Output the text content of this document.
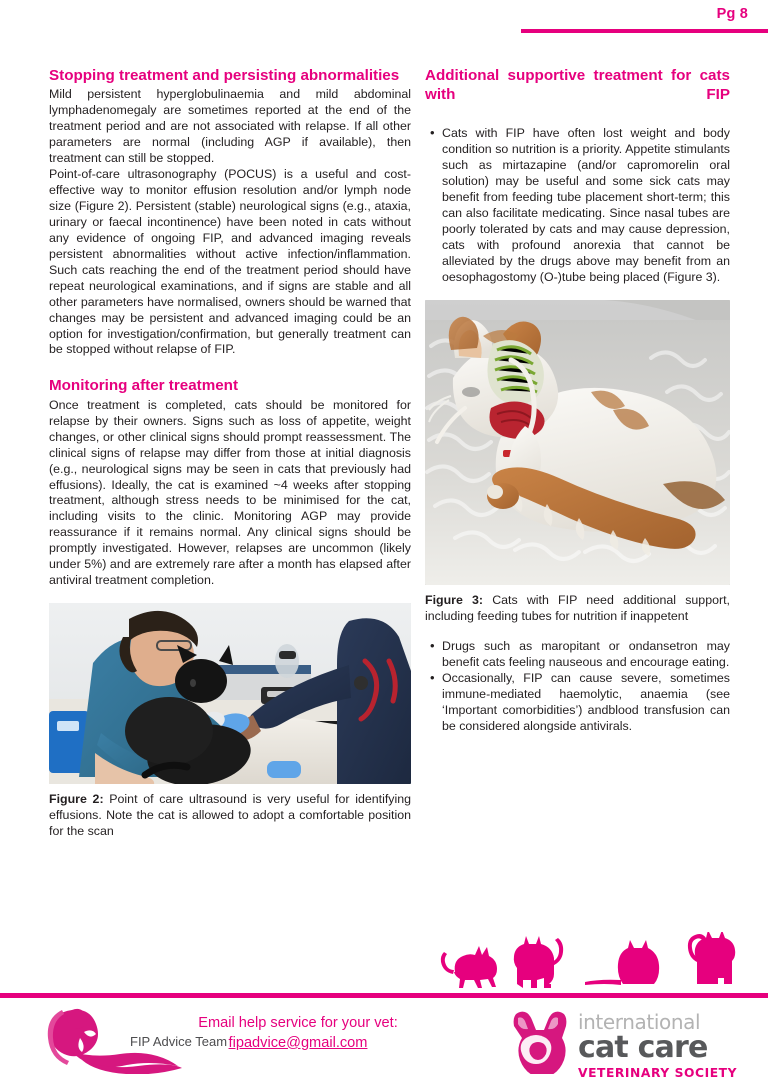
Pg 8
Stopping treatment and persisting abnormalities

Mild persistent hyperglobulinaemia and mild abdominal lymphadenomegaly are sometimes reported at the end of the treatment period and are not associated with relapse. If all other parameters are normal (including AGP if available), then treatment can still be stopped.

Point-of-care ultrasonography (POCUS) is a useful and cost-effective way to monitor effusion resolution and/or lymph node size (Figure 2). Persistent (stable) neurological signs (e.g., ataxia, urinary or faecal incontinence) have been noted in cats without any evidence of ongoing FIP, and advanced imaging reveals persistent abnormalities without active infection/inflammation. Such cats reaching the end of the treatment period should have repeat neurological examinations, and if signs are stable and all other parameters have normalised, owners should be warned that changes may be persistent and advanced imaging could be an option for investigation/confirmation, but generally treatment can be stopped without relapse of FIP.

Monitoring after treatment

Once treatment is completed, cats should be monitored for relapse by their owners. Signs such as loss of appetite, weight changes, or other clinical signs should prompt reassessment. The clinical signs of relapse may differ from those at initial diagnosis (e.g., neurological signs may be seen in cats that previously had effusions). Ideally, the cat is examined ~4 weeks after stopping treatment, although stress needs to be minimised for the cat, including visits to the clinic. Monitoring AGP may provide reassurance if it remains normal. Any clinical signs should be promptly investigated. However, relapses are uncommon (likely under 5%) and are extremely rare after a month has elapsed after antiviral treatment completion.

Figure 2: Point of care ultrasound is very useful for identifying effusions. Note the cat is allowed to adopt a comfortable position for the scan
Additional supportive treatment for cats with FIP
• Cats with FIP have often lost weight and body condition so nutrition is a priority. Appetite stimulants such as mirtazapine (and/or capromorelin oral solution) may be useful and some sick cats may benefit from feeding tube placement short-term; this can also facilitate medicating. Since nasal tubes are poorly tolerated by cats and may cause depression, cats with profound anorexia that cannot be alleviated by the drugs above may benefit from an oesophagostomy (O-)tube being placed (Figure 3).
Figure 3: Cats with FIP need additional support, including feeding tubes for nutrition if inappetent
• Drugs such as maropitant or ondansetron may benefit cats feeling nauseous and encourage eating.
• Occasionally, FIP can cause severe, sometimes immune-mediated haemolytic, anaemia (see ‘Important comorbidities’) andblood transfusion can be considered alongside antivirals.
FIP Advice Team
Email help service for your vet:
fipadvice@gmail.com
international
cat care
VETERINARY SOCIETY
